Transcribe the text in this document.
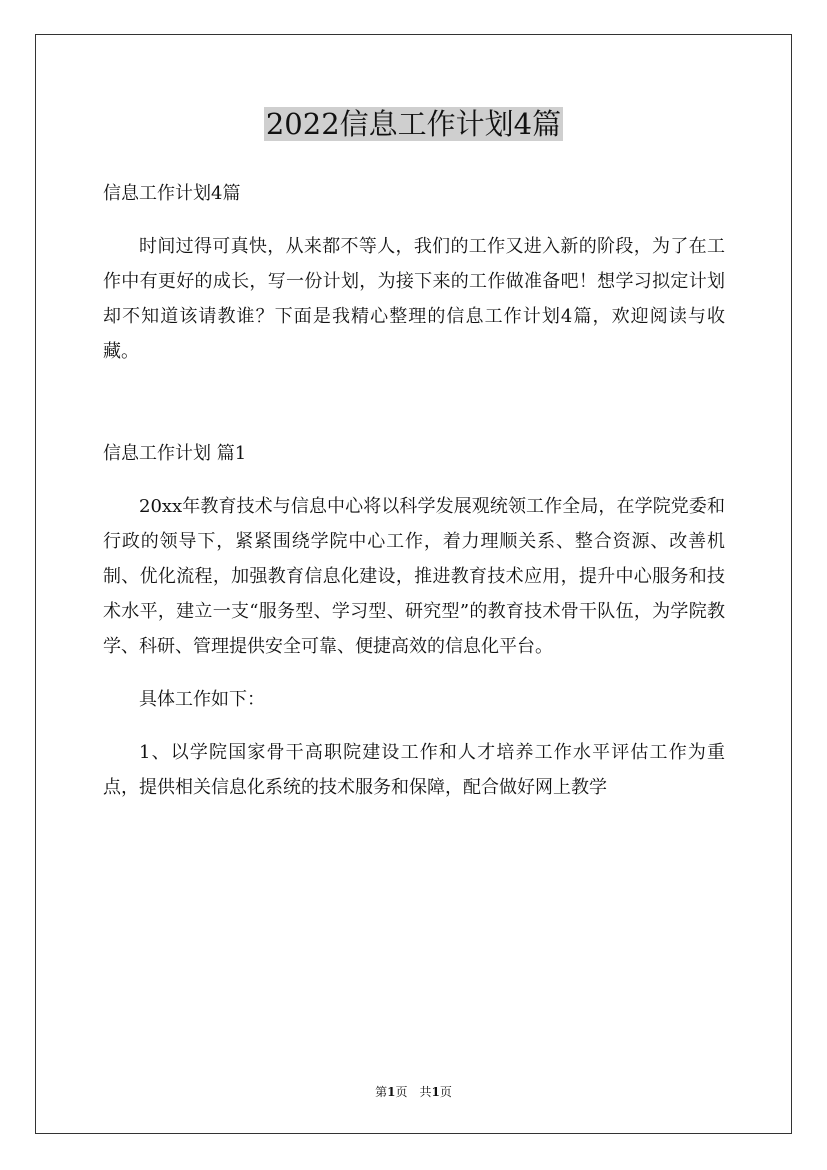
2022信息工作计划4篇

信息工作计划4篇

时间过得可真快，从来都不等人，我们的工作又进入新的阶段，为了在工作中有更好的成长，写一份计划，为接下来的工作做准备吧！想学习拟定计划却不知道该请教谁？下面是我精心整理的信息工作计划4篇，欢迎阅读与收藏。

信息工作计划 篇1

20xx年教育技术与信息中心将以科学发展观统领工作全局，在学院党委和行政的领导下，紧紧围绕学院中心工作，着力理顺关系、整合资源、改善机制、优化流程，加强教育信息化建设，推进教育技术应用，提升中心服务和技术水平，建立一支“服务型、学习型、研究型”的教育技术骨干队伍，为学院教学、科研、管理提供安全可靠、便捷高效的信息化平台。

具体工作如下：

1、以学院国家骨干高职院建设工作和人才培养工作水平评估工作为重点，提供相关信息化系统的技术服务和保障，配合做好网上教学

第1页　共1页
